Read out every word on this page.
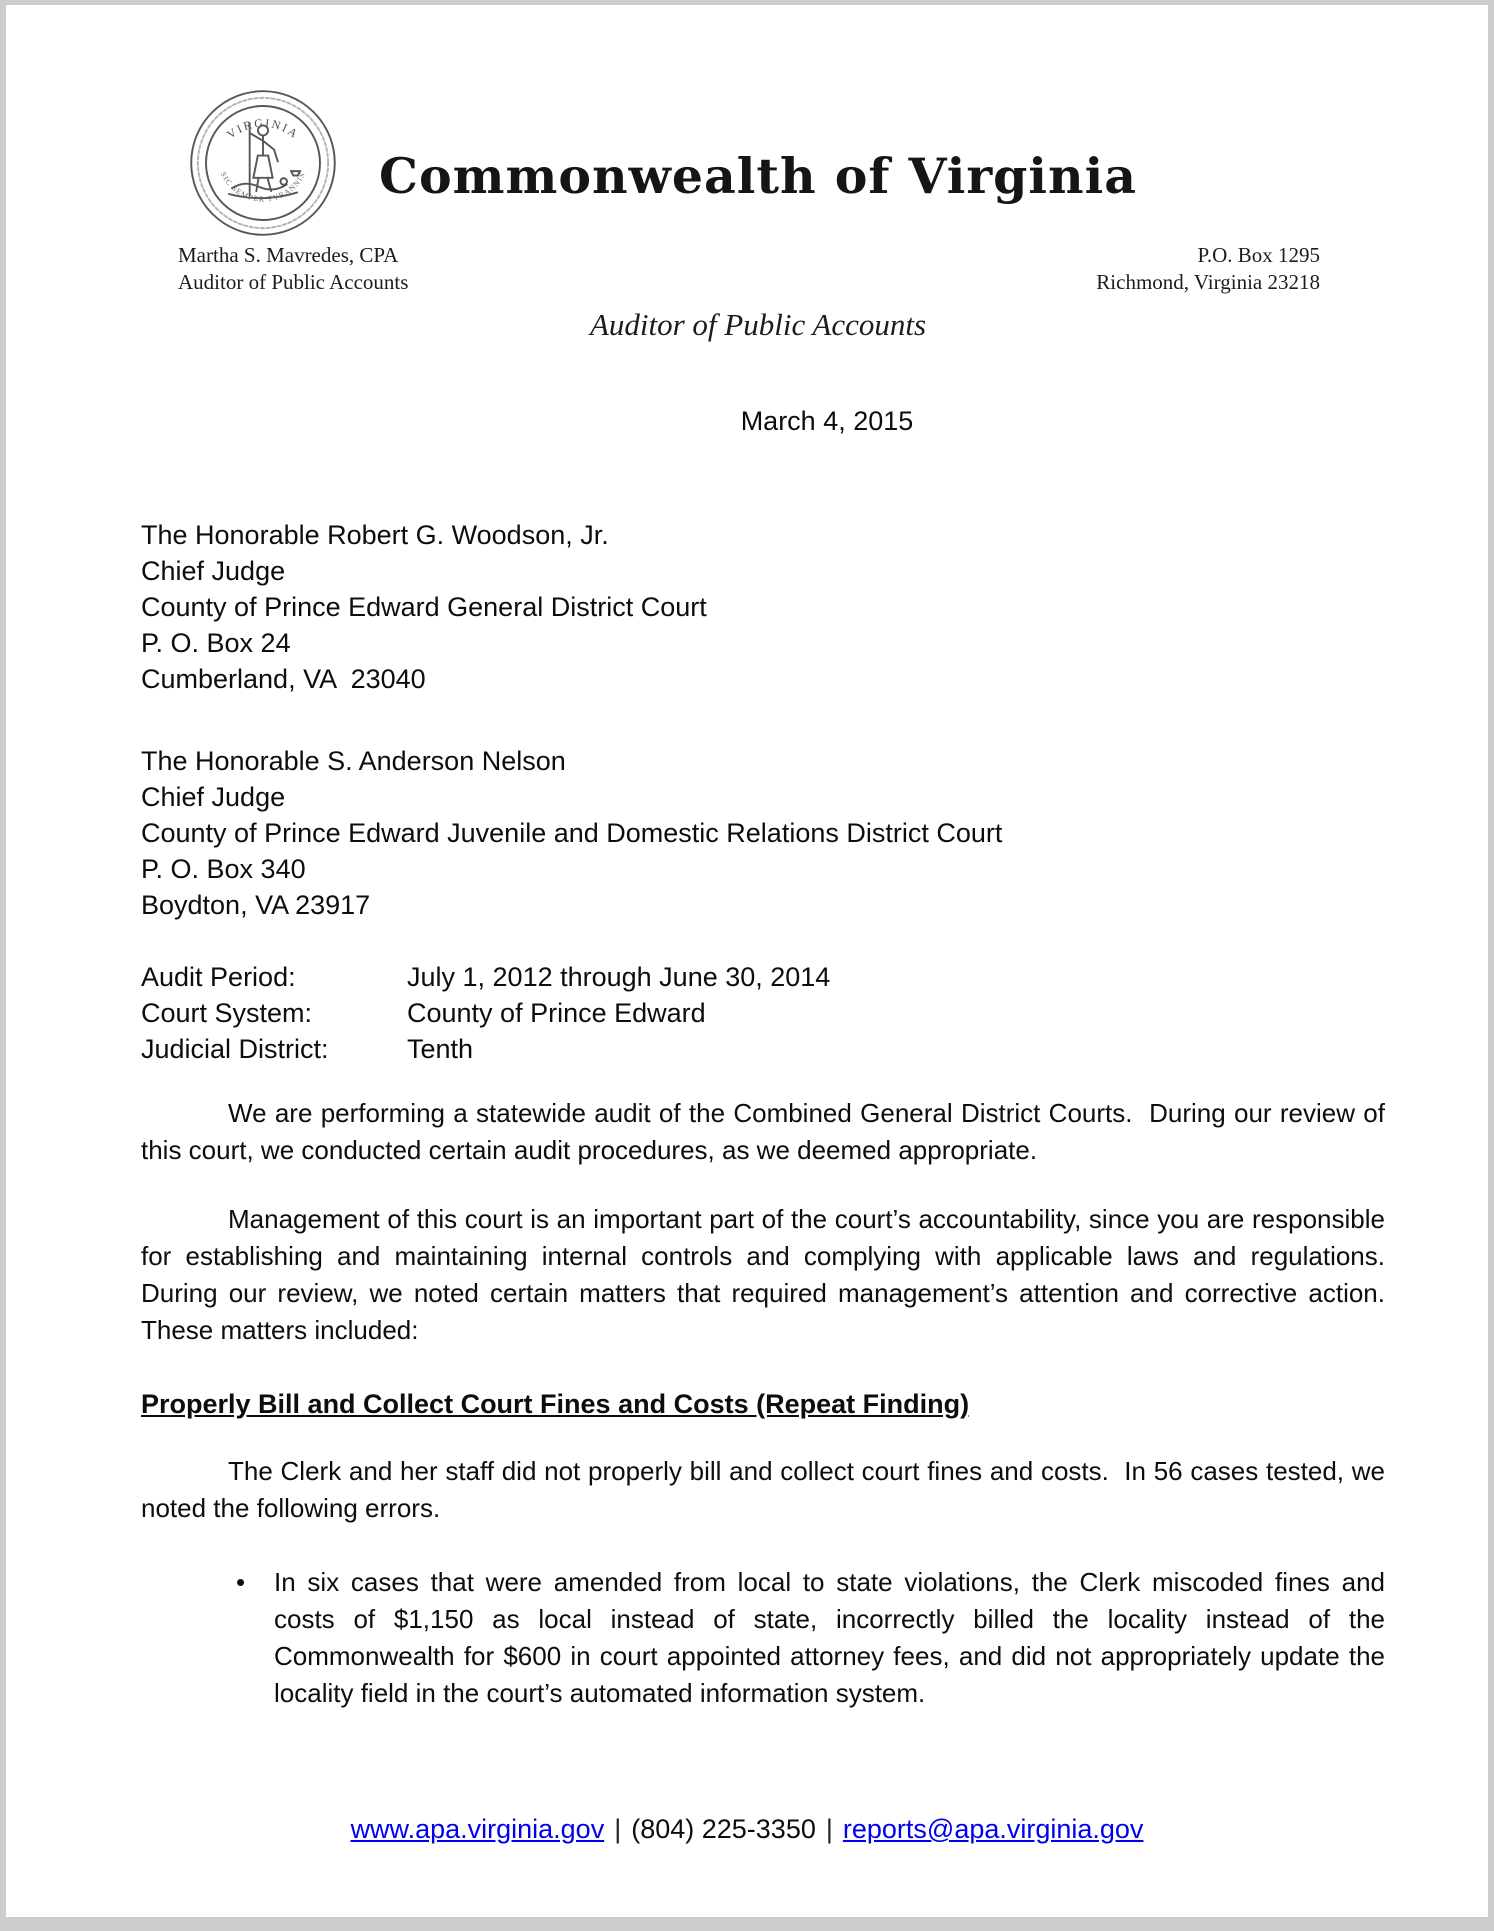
VIRGINIA
SIC SEMPER TYRANNIS	Commonwealth of Virginia
Auditor of Public Accounts
Martha S. Mavredes, CPA
Auditor of Public Accounts
P.O. Box 1295
Richmond, Virginia 23218
March 4, 2015
The Honorable Robert G. Woodson, Jr.
Chief Judge
County of Prince Edward General District Court
P. O. Box 24
Cumberland, VA  23040
The Honorable S. Anderson Nelson
Chief Judge
County of Prince Edward Juvenile and Domestic Relations District Court
P. O. Box 340
Boydton, VA 23917
Audit Period:	July 1, 2012 through June 30, 2014
Court System:	County of Prince Edward
Judicial District:	Tenth
We are performing a statewide audit of the Combined General District Courts.  During our review of this court, we conducted certain audit procedures, as we deemed appropriate.
Management of this court is an important part of the court’s accountability, since you are responsible for establishing and maintaining internal controls and complying with applicable laws and regulations.  During our review, we noted certain matters that required management’s attention and corrective action.  These matters included:
Properly Bill and Collect Court Fines and Costs (Repeat Finding)
The Clerk and her staff did not properly bill and collect court fines and costs.  In 56 cases tested, we noted the following errors.
•	In six cases that were amended from local to state violations, the Clerk miscoded fines and costs of $1,150 as local instead of state, incorrectly billed the locality instead of the Commonwealth for $600 in court appointed attorney fees, and did not appropriately update the locality field in the court’s automated information system.
www.apa.virginia.gov | (804) 225-3350 | reports@apa.virginia.gov
